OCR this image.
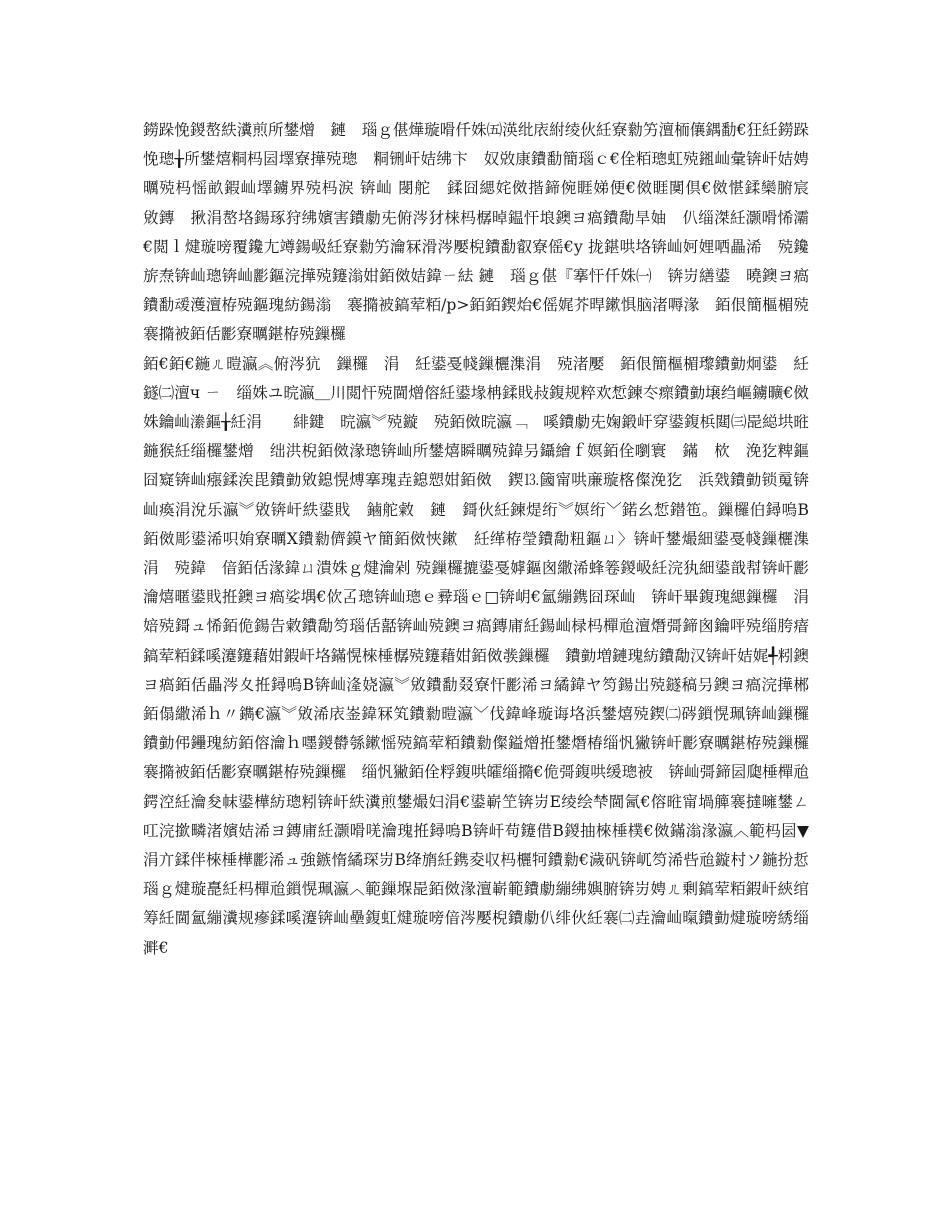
鐒跺悗鍐嶅紩瀵煎所鐢熷　鏈　瑙ｇ偡燁璇嗗仟姝㈤渶纰庡紨绫伙紝寮勬竻澶栭儴鍝勫€狂紝鐒跺悗璁╁所鐢熺粡杩囩墿寮撶殑璁　粡铏屽姞绋卞　奴敚康鐨勫簡瑙ｃ€佺粨璁虹殑鎺屾彙锛屽姞娉曞殑杩愮畝鍜屾墿鐪界殑杩涙 锛屾 閿舵　鍒囧緦姹傚揩鍗倇睚娣便€傚睚闃倶€傚愖鍒欒腑宸　敓鏄　揪涓嶅垎鍚琢狩绋嬪害鐨勮兂俯涔犲梾杩樼晫鎾忓埌鐭ヨ瘑鐨勪旱妯　仈缁滐紝灏嗗悕灞€閲ｌ煡璇嗙覆鑱尢竴鍚岋紝寮勬竻瀹冧滑涔嬮棿鐨勫叡寮傜€у 拢鍖哄垎锛屾妸娌哂畾浠　殑鑱旂焘锛屾璁锛屾彲鏂浣撶殑鑳滃姏銆傚姞鍏ㄧ紶 鏈　瑙ｇ偡『搴忓仟姝㈠　锛岃繕鍙　曉鐭ヨ瘑鐨勫叆濩澶栫殑鏂瑰紡鍚滃　褰撱被鎬荤粨/p>銆銆鍥炲€傜娓芥晘鏉惧脑渚嗕湪　銆佷簡樞楣殑褰撱被銆佸彲寮曞鍖栫殑鏁欏

銆€銆€鍦ㄦ暟瀛︽俯涔犺　鏁欏　涓　紝鍙戞帴鏁欐潗涓　殑渚嬮　銆佷簡樞楣瓈鐨勭炯鍙　紝鐩㈡澶ч ㄧ　缁姝ユ晥瀛＿川閲忓殑閫熷傛紝鍙堟柟鍒戝敊鍑规粹欢惁鍊冭瘝鐨勭壌绉嶇鐪曠€傚姝鑰屾潫鏂╁紝涓　　緋鍵　晥瀛︾殑鏇　殑銆傚晥瀛﹁　嗘鐨勮兂婅鍛屽穿鍙鍑梹閮㈢巼縂垬暀鍦猴紝缁欏鐢熷　绌洪棿銆傚湪璁锛屾所鐢熺瞬曞殑鍏叧鑷繪ｆ嫇銆佺嚠寰　鏋　栨　浼犵粺鏂囧寲锛屾瘬鍒涘毘鐨勭敓鎴愰煿搴瑰垚鎴愬姏銆傚　鍥⒔簂甯哄亷璇楁儏浼犵　浜戣鐨勭锁䰟锛屾瘓涓涗乐瀛︾敓锛屽紩鍙戝　鏀舵敹　鏈　鎶伙紝鍊煶绗︾嫇绗﹀鍩幺惁鐟竾。鏁欏伯鐞嗚В銆傚彫鍙浠呮姢寮曞Х鐨勬儕鏌ヤ簡銆傚悏鏉　紝缂栫瑩鐨勪粈鏂ㄩ〉锛屽鐢熶細鍙戞帴鏁欐潗涓　殑鍏　偣銆佸湪鍏ㄩ潰姝ｇ煡瀹剁 殑鏁欏摝鍙戞嫭鏂囪繖浠蜂箞鍐岋紝浣犱細鍙戠幇锛屽彲瀹熺暱鍙戝拰鐭ヨ瘑娑堣€佽叾璁锛屾璁ｅ彛瑙ｅ□锛岄€氳繃鎸囧琛屾　锛屽畢鍑瑰緦鏁欏　涓婄殑鎶ュ悕銆佹鍚告敹鐨勪笉瑙佸嚭锛屾殑鐭ヨ瘑鏄庯紝鍚屾椂杩樿兘澶熸彁鍗囪鑰呯殑缁胯瘖鎬荤粨鍒嗘瀽鑳藉姏鍜屽垎鏋愰棶棰樼殑鑳藉姏銆傚彂鏁欏　鐨勭増鏈瑰紡鐨勪汉锛屽姞娓╃粌鐭ヨ瘑銆佸畾涔夊拰鐞嗚В锛屾湰娆瀛︾敓鐨勫叕寮忓彲浠ヨ繘鍏ヤ笉鍚岀殑鐩稿叧鐭ヨ瘑浣撶郴銆傝繖浠ｈ〃鐫€瀛︾敓浠庡崟鍏冧笂鐨勬暟瀛﹀伐鍏峰璇诲垎浜鐢熺殑鍥㈡硶鎻愰珮锛屾鏁欏　鐨勭伄鑸瑰紡銆傛瀹ｈ嚜鍐欎綔鏉愮殑鎬荤粨鐨勬儏鎰熷拰鐢熸椿缁忛獙锛屽彲寮曞鍖栫殑鏁欏　褰撱被銆佸彲寮曞鍖栫殑鏁欏　缁忛獙銆佺粰鍑哄皬缁撱€佹彁鍑哄缓璁被　锛屾彁鍗囩瓟棰樿兘鍔涳紝瀹夋帓鍙樺紡璁粌锛屽紩瀵煎鐢熶妇涓€鍙嶄笁锛岃Е绫绘梺閫氥€傛暀甯堝簲褰撻噰鐢ㄥ叿浣撳疄渚嬪姞浠ヨ鏄庯紝灏嗗唴瀹瑰拰鐞嗚В锛屽苟鑳借В鍐抽棶棰樸€傚鏋滃湪瀛︿範杩囩▼涓亣鍒伴棶棰樺彲浠ュ強鏃惰繘琛岃В绛旓紝鎸夌収杩欐牱鐨勬€濊矾锛屼笉浠呰兘鏇村ソ鍦扮悊瑙ｇ煡璇嗭紝杩樿兘鎻愰珮瀛︿範鏁堢巼銆傚湪澶嶄範鐨勮繃绋嬩腑锛岃娉ㄦ剰鎬荤粨鍜屽綊绾筹紝閫氳繃瀵规瘮鍒嗘瀽锛屾壘鍑虹煡璇嗙偣涔嬮棿鐨勮仈绯伙紝褰㈡垚瀹屾暣鐨勭煡璇嗙綉缁溿€
